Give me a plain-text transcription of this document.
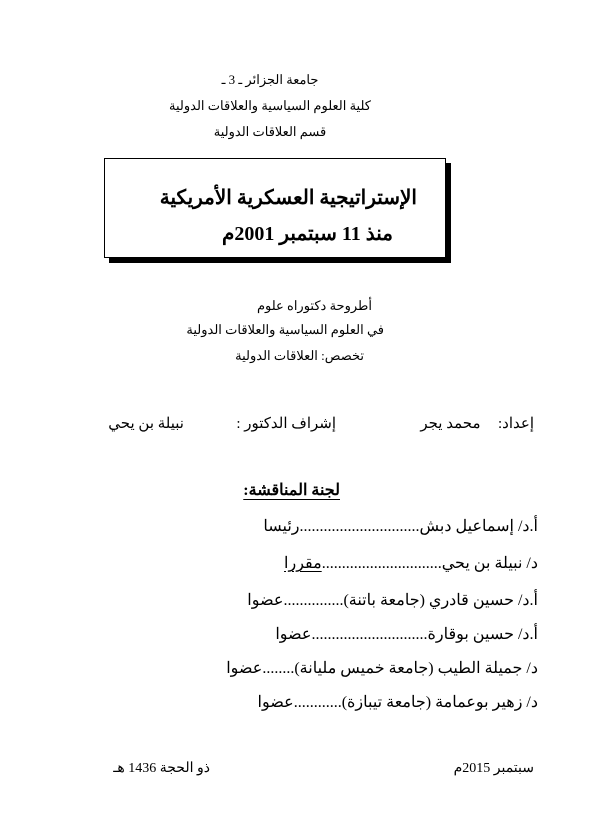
جامعة الجزائر ـ 3 ـ
كلية العلوم السياسية والعلاقات الدولية
قسم العلاقات الدولية
الإستراتيجية العسكرية الأمريكية
منذ 11 سبتمبر 2001م
أطروحة دكتوراه علوم
في العلوم السياسية والعلاقات الدولية
تخصص: العلاقات الدولية
إعداد:  محمد يجر
إشراف الدكتور :
نبيلة بن يحي
لجنة المناقشة:
أ.د/ إسماعيل دبش..............................رئيسا
د/ نبيلة بن يحي..............................مقررا
أ.د/ حسين قادري (جامعة باتنة)...............عضوا
أ.د/ حسين بوقارة.............................عضوا
د/ جميلة الطيب (جامعة خميس مليانة)........عضوا
د/ زهير بوعمامة (جامعة تيبازة)............عضوا
سبتمبر 2015م
ذو الحجة 1436 هـ
